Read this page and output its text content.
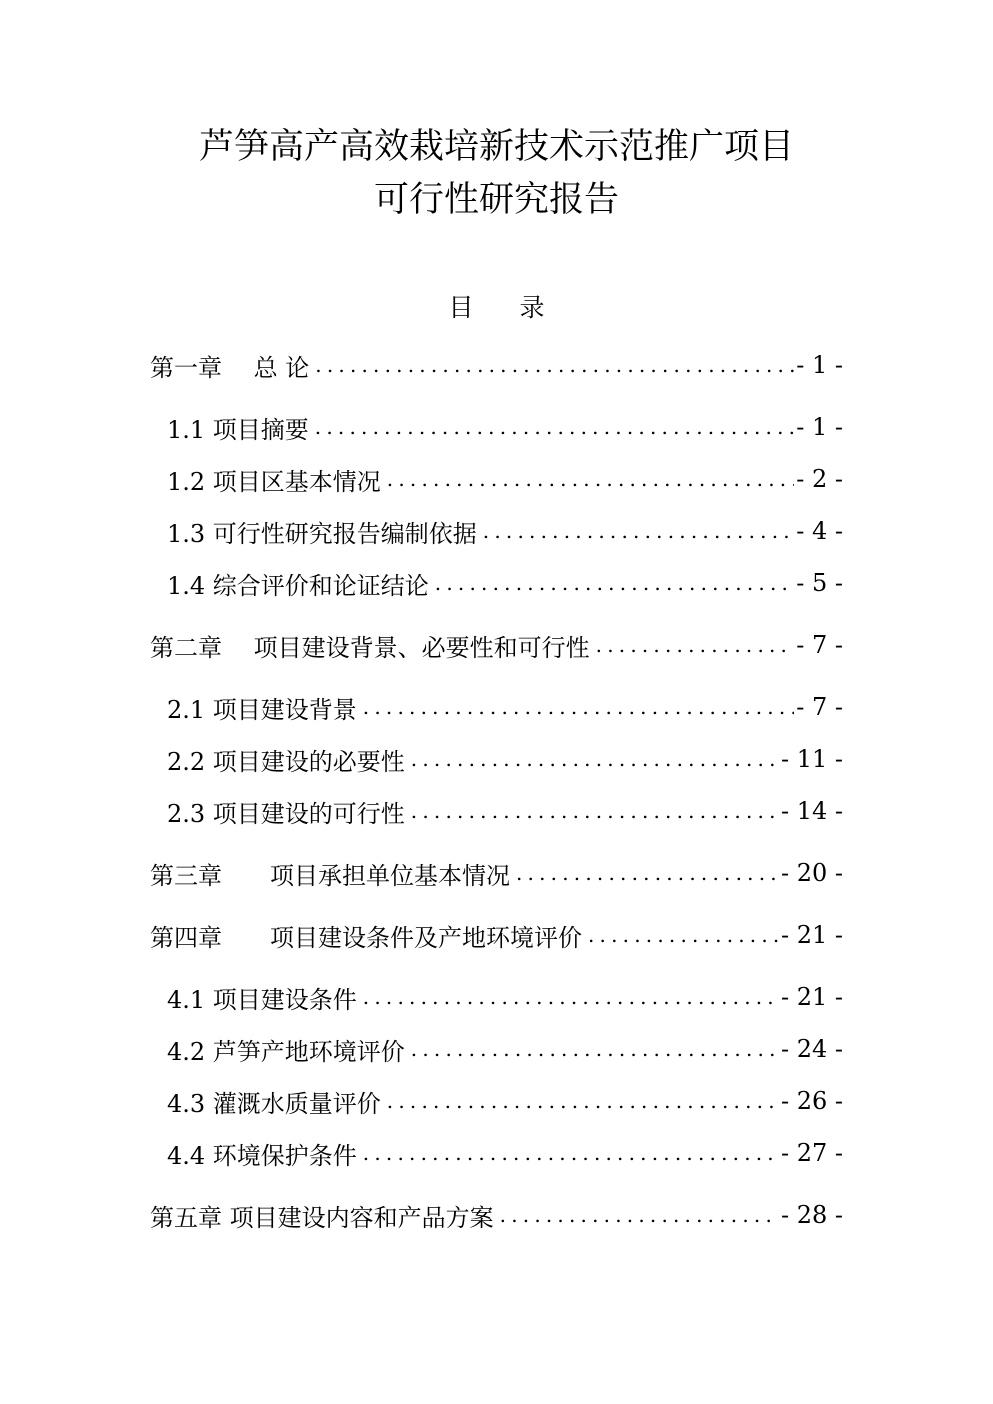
芦笋高产高效栽培新技术示范推广项目
可行性研究报告
目录
第一章　 总 论 .....	- 1 -
1.1 项目摘要 .....	- 1 -
1.2 项目区基本情况 .....	- 2 -
1.3 可行性研究报告编制依据 .....	- 4 -
1.4 综合评价和论证结论 .....	- 5 -
第二章　 项目建设背景、必要性和可行性 .....	- 7 -
2.1 项目建设背景 .....	- 7 -
2.2 项目建设的必要性 .....	- 11 -
2.3 项目建设的可行性 .....	- 14 -
第三章　　项目承担单位基本情况 .....	- 20 -
第四章　　项目建设条件及产地环境评价 .....	- 21 -
4.1 项目建设条件 .....	- 21 -
4.2 芦笋产地环境评价 .....	- 24 -
4.3 灌溉水质量评价 .....	- 26 -
4.4 环境保护条件 .....	- 27 -
第五章 项目建设内容和产品方案 .....	- 28 -
